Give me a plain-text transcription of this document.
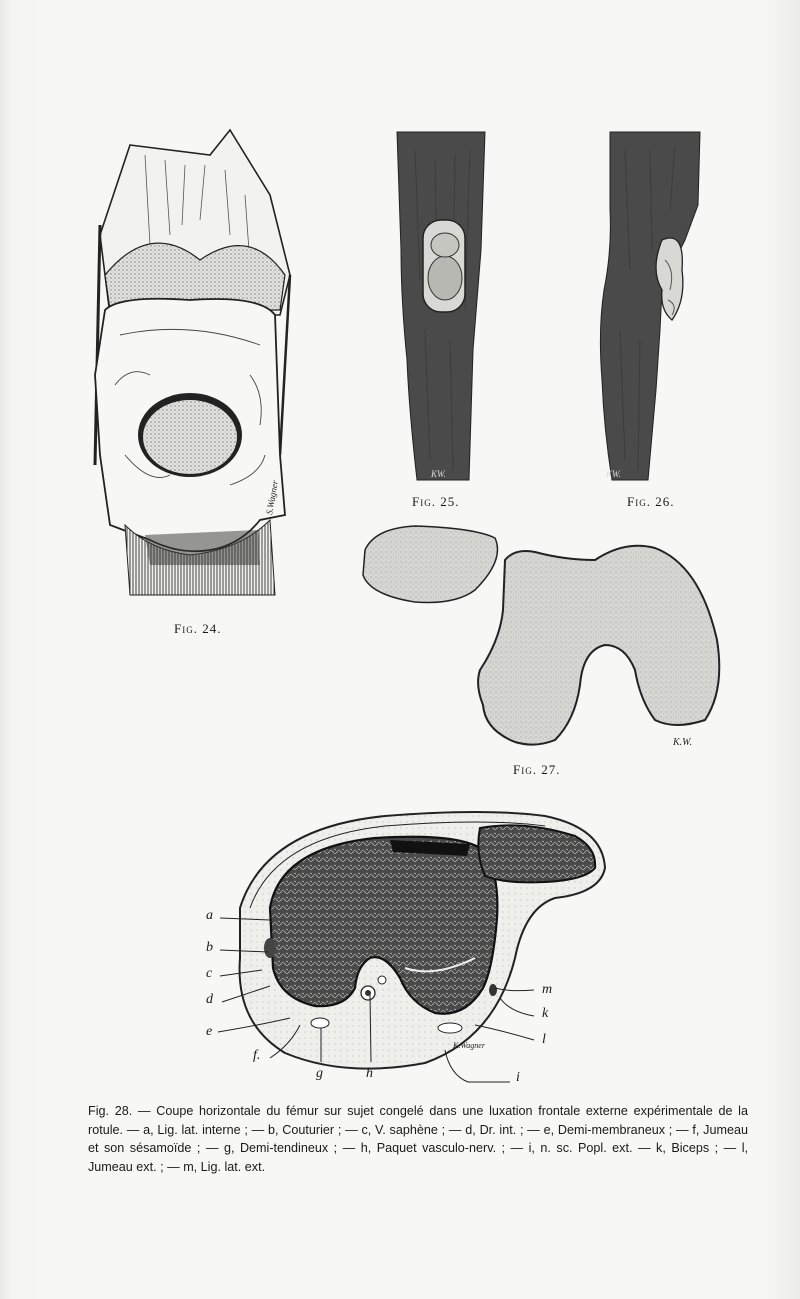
S.Wagner
Fig. 24.
KW.
Fig. 25.
KW.
Fig. 26.
K.W.
Fig. 27.
K.Wagner
a
b
c
d
e
f.
g	h	i
k
l
m
Fig. 28. — Coupe horizontale du fémur sur sujet congelé dans une luxation frontale externe expérimentale de la rotule. — a, Lig. lat. interne ; — b, Couturier ; — c, V. saphène ; — d, Dr. int. ; — e, Demi-membraneux ; — f, Jumeau et son sésamoïde ; — g, Demi-tendineux ; — h, Paquet vasculo-nerv. ; — i, n. sc. Popl. ext. — k, Biceps ; — l, Jumeau ext. ; — m, Lig. lat. ext.
